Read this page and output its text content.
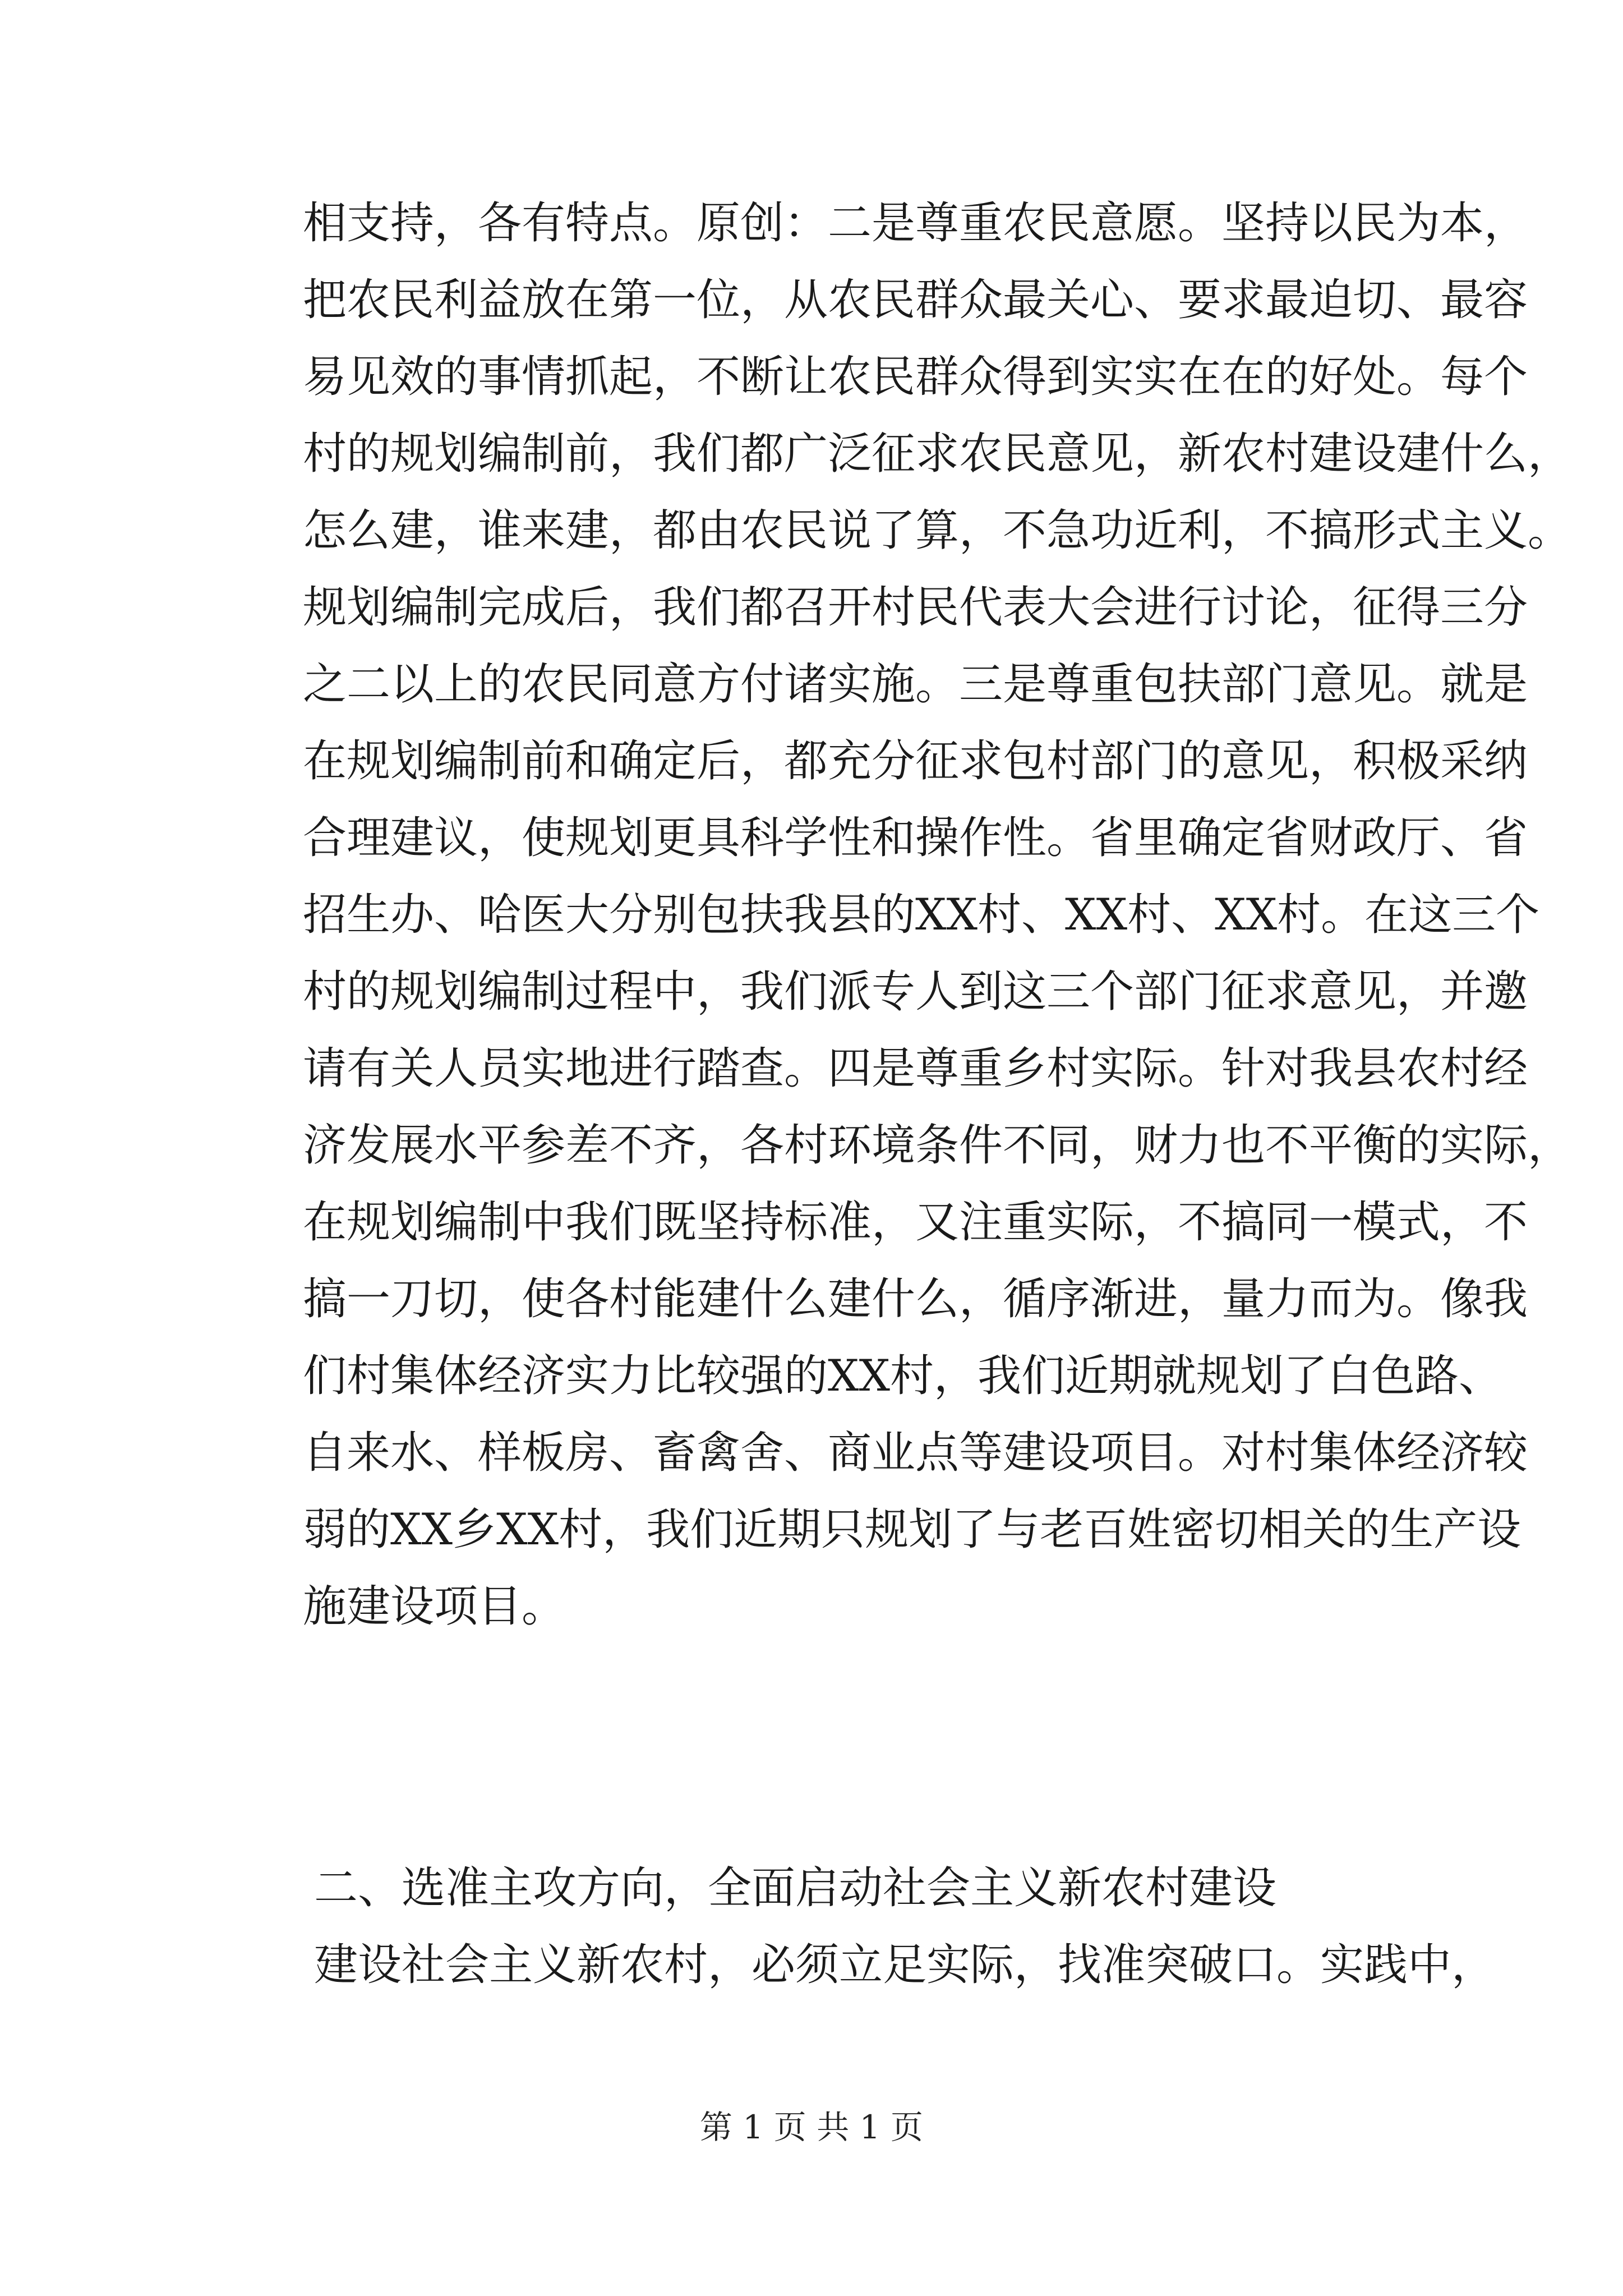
相支持，各有特点。原创：二是尊重农民意愿。坚持以民为本，
把农民利益放在第一位，从农民群众最关心、要求最迫切、最容
易见效的事情抓起，不断让农民群众得到实实在在的好处。每个
村的规划编制前，我们都广泛征求农民意见，新农村建设建什么，
怎么建，谁来建，都由农民说了算，不急功近利，不搞形式主义。
规划编制完成后，我们都召开村民代表大会进行讨论，征得三分
之二以上的农民同意方付诸实施。三是尊重包扶部门意见。就是
在规划编制前和确定后，都充分征求包村部门的意见，积极采纳
合理建议，使规划更具科学性和操作性。省里确定省财政厅、省
招生办、哈医大分别包扶我县的XX村、XX村、XX村。在这三个
村的规划编制过程中，我们派专人到这三个部门征求意见，并邀
请有关人员实地进行踏查。四是尊重乡村实际。针对我县农村经
济发展水平参差不齐，各村环境条件不同，财力也不平衡的实际，
在规划编制中我们既坚持标准，又注重实际，不搞同一模式，不
搞一刀切，使各村能建什么建什么，循序渐进，量力而为。像我
们村集体经济实力比较强的XX村，我们近期就规划了白色路、
自来水、样板房、畜禽舍、商业点等建设项目。对村集体经济较
弱的XX乡XX村，我们近期只规划了与老百姓密切相关的生产设
施建设项目。
二、选准主攻方向，全面启动社会主义新农村建设
建设社会主义新农村，必须立足实际，找准突破口。实践中，
第 1 页 共 1 页
